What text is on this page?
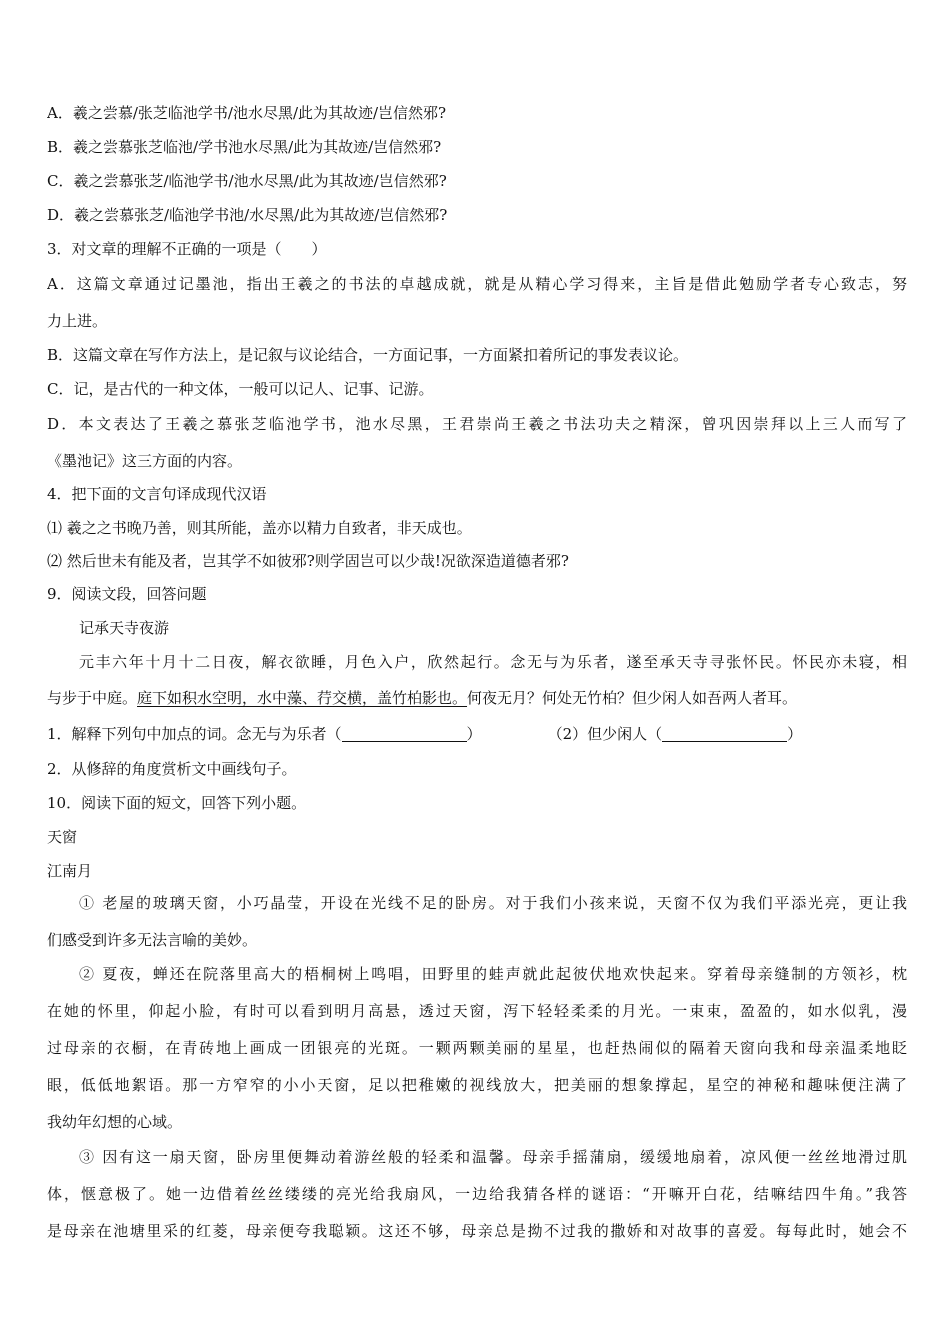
A．羲之尝慕/张芝临池学书/池水尽黑/此为其故迹/岂信然邪?
B．羲之尝慕张芝临池/学书池水尽黑/此为其故迹/岂信然邪?
C．羲之尝慕张芝/临池学书/池水尽黑/此为其故迹/岂信然邪?
D．羲之尝慕张芝/临池学书池/水尽黑/此为其故迹/岂信然邪?
3．对文章的理解不正确的一项是（　　）
A．这篇文章通过记墨池，指出王羲之的书法的卓越成就，就是从精心学习得来，主旨是借此勉励学者专心致志，努
力上进。
B．这篇文章在写作方法上，是记叙与议论结合，一方面记事，一方面紧扣着所记的事发表议论。
C．记，是古代的一种文体，一般可以记人、记事、记游。
D．本文表达了王羲之慕张芝临池学书，池水尽黑，王君崇尚王羲之书法功夫之精深，曾巩因崇拜以上三人而写了
《墨池记》这三方面的内容。
4．把下面的文言句译成现代汉语
⑴ 羲之之书晚乃善，则其所能，盖亦以精力自致者，非天成也。
⑵ 然后世未有能及者，岂其学不如彼邪?则学固岂可以少哉!况欲深造道德者邪?
9．阅读文段，回答问题
记承天寺夜游
元丰六年十月十二日夜，解衣欲睡，月色入户，欣然起行。念无与为乐者，遂至承天寺寻张怀民。怀民亦未寝，相
与步于中庭。庭下如积水空明，水中藻、荇交横，盖竹柏影也。何夜无月？何处无竹柏？但少闲人如吾两人者耳。
1．解释下列句中加点的词。念无与为乐者（	）	（2）但少闲人（	）
2．从修辞的角度赏析文中画线句子。
10．阅读下面的短文，回答下列小题。
天窗
江南月
① 老屋的玻璃天窗，小巧晶莹，开设在光线不足的卧房。对于我们小孩来说，天窗不仅为我们平添光亮，更让我
们感受到许多无法言喻的美妙。
② 夏夜，蝉还在院落里高大的梧桐树上鸣唱，田野里的蛙声就此起彼伏地欢快起来。穿着母亲缝制的方领衫，枕
在她的怀里，仰起小脸，有时可以看到明月高悬，透过天窗，泻下轻轻柔柔的月光。一束束，盈盈的，如水似乳，漫
过母亲的衣橱，在青砖地上画成一团银亮的光斑。一颗两颗美丽的星星，也赶热闹似的隔着天窗向我和母亲温柔地眨
眼，低低地絮语。那一方窄窄的小小天窗，足以把稚嫩的视线放大，把美丽的想象撑起，星空的神秘和趣味便注满了
我幼年幻想的心域。
③ 因有这一扇天窗，卧房里便舞动着游丝般的轻柔和温馨。母亲手摇蒲扇，缓缓地扇着，凉风便一丝丝地滑过肌
体，惬意极了。她一边借着丝丝缕缕的亮光给我扇风，一边给我猜各样的谜语：“开嘛开白花，结嘛结四牛角。”我答
是母亲在池塘里采的红菱，母亲便夸我聪颖。这还不够，母亲总是拗不过我的撒娇和对故事的喜爱。每每此时，她会不
